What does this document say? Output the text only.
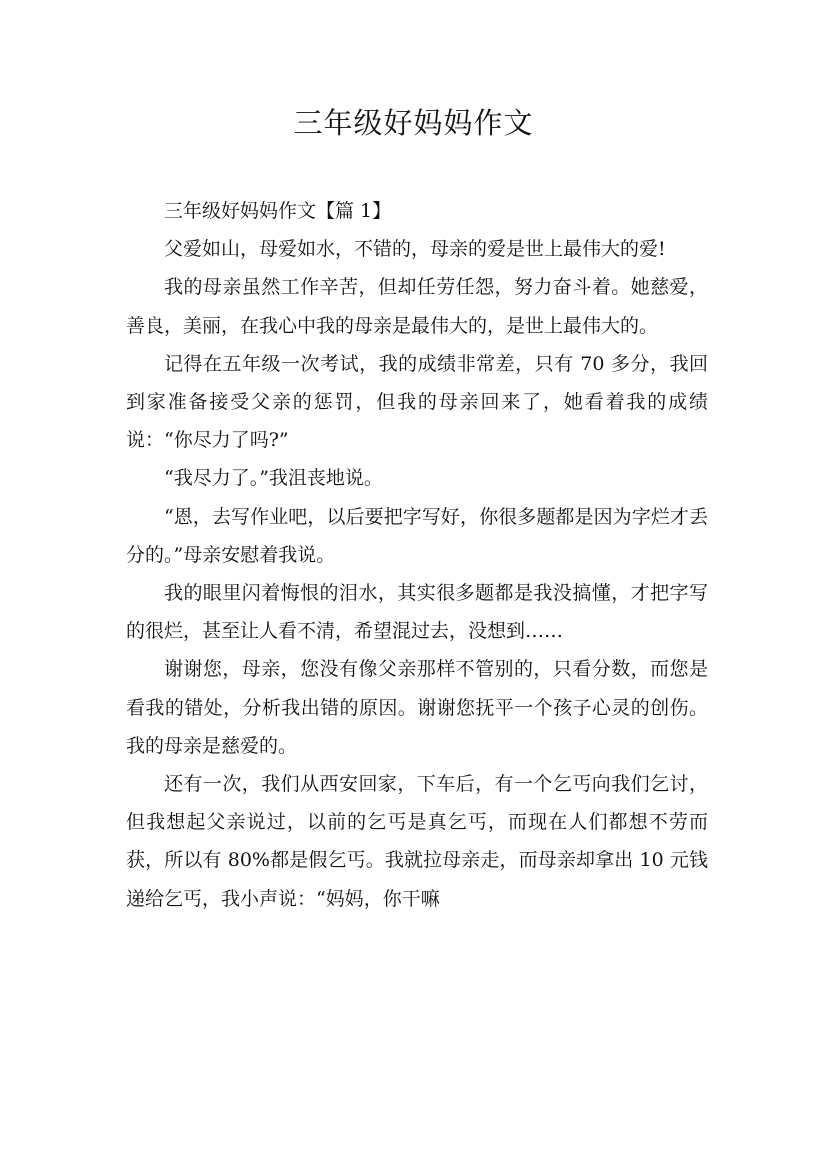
三年级好妈妈作文

三年级好妈妈作文【篇 1】

父爱如山，母爱如水，不错的，母亲的爱是世上最伟大的爱!

我的母亲虽然工作辛苦，但却任劳任怨，努力奋斗着。她慈爱，善良，美丽，在我心中我的母亲是最伟大的，是世上最伟大的。

记得在五年级一次考试，我的成绩非常差，只有 70 多分，我回到家准备接受父亲的惩罚，但我的母亲回来了，她看着我的成绩说：“你尽力了吗?”

“我尽力了。”我沮丧地说。

“恩，去写作业吧，以后要把字写好，你很多题都是因为字烂才丢分的。”母亲安慰着我说。

我的眼里闪着悔恨的泪水，其实很多题都是我没搞懂，才把字写的很烂，甚至让人看不清，希望混过去，没想到……

谢谢您，母亲，您没有像父亲那样不管别的，只看分数，而您是看我的错处，分析我出错的原因。谢谢您抚平一个孩子心灵的创伤。我的母亲是慈爱的。

还有一次，我们从西安回家，下车后，有一个乞丐向我们乞讨，但我想起父亲说过，以前的乞丐是真乞丐，而现在人们都想不劳而获，所以有 80%都是假乞丐。我就拉母亲走，而母亲却拿出 10 元钱递给乞丐，我小声说：“妈妈，你干嘛
